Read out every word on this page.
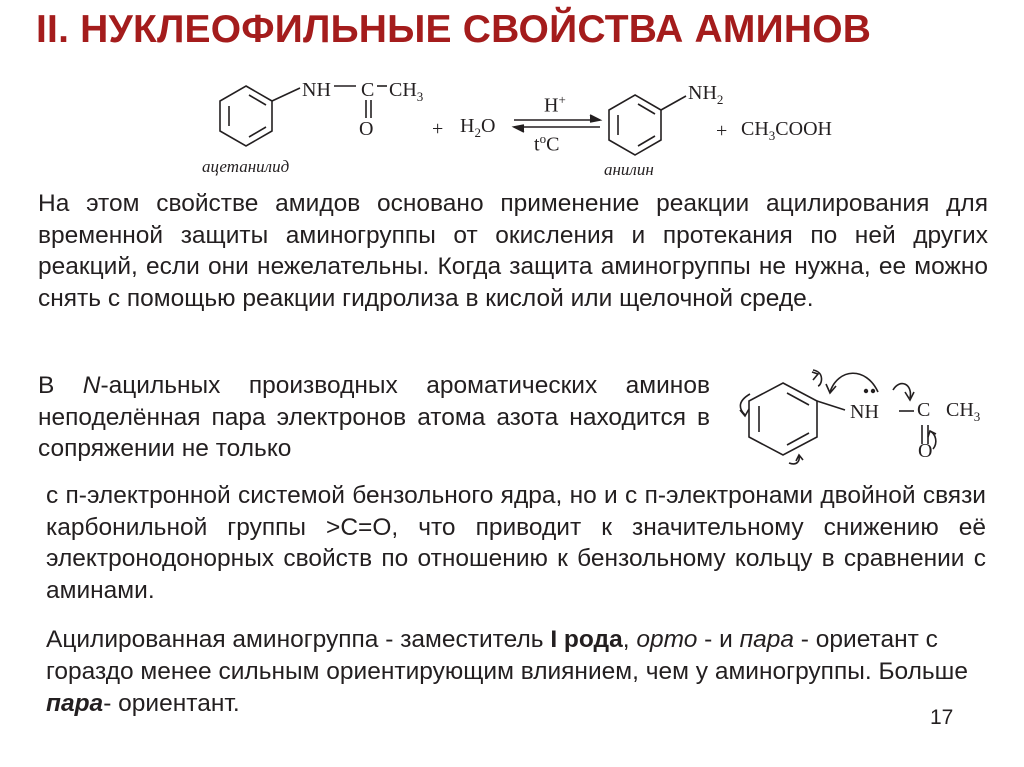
II. НУКЛЕОФИЛЬНЫЕ СВОЙСТВА АМИНОВ
NH C $CH_3$
O
ацетанилид
+ $H_2O$
H+
$t^oC$
$NH_2$
анилин
+ $CH_3COOH$
NH C $CH_3$
O

На этом свойстве амидов основано применение реакции ацилирования для временной защиты аминогруппы от окисления и протекания по ней других реакций, если они нежелательны. Когда защита аминогруппы не нужна, ее можно снять с помощью реакции гидролиза в кислой или щелочной среде.

В N-ацильных производных ароматических аминов неподелённая пара электронов атома азота находится в сопряжении не только

с п-электронной системой бензольного ядра, но и с п-электронами двойной связи карбонильной группы >C=O, что приводит к значительному снижению её электронодонорных свойств по отношению к бензольному кольцу в сравнении с аминами.

Ацилированная аминогруппа - заместитель I рода, орто - и пара - ориетант с гораздо менее сильным ориентирующим влиянием, чем у аминогруппы. Больше пара- ориентант.

17
